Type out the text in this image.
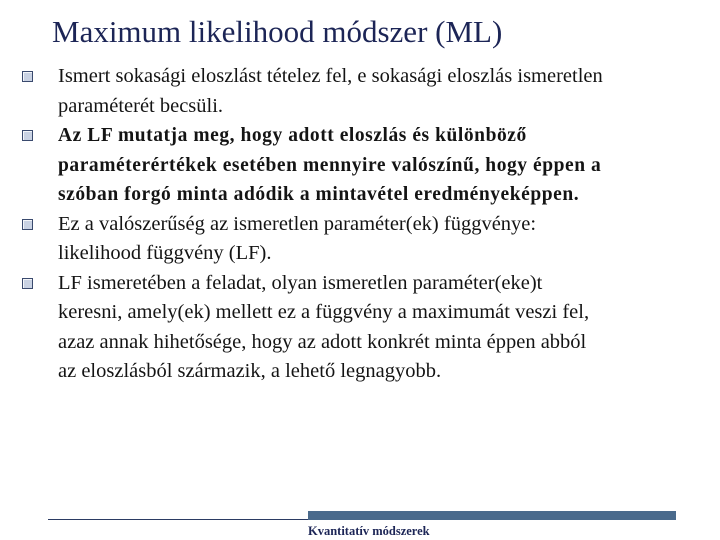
Maximum likelihood módszer (ML)
Ismert sokasági eloszlást tételez fel, e sokasági eloszlás ismeretlen
paraméterét becsüli.
Az LF mutatja meg, hogy adott eloszlás és különböző
paraméterértékek esetében mennyire valószínű, hogy éppen a
szóban forgó minta adódik a mintavétel eredményeképpen.
Ez a valószerűség az ismeretlen paraméter(ek) függvénye:
likelihood függvény (LF).
LF ismeretében a feladat, olyan ismeretlen paraméter(eke)t
keresni, amely(ek) mellett ez a függvény a maximumát veszi fel,
azaz annak hihetősége, hogy az adott konkrét minta éppen abból
az eloszlásból származik, a lehető legnagyobb.
Kvantitatív módszerek
